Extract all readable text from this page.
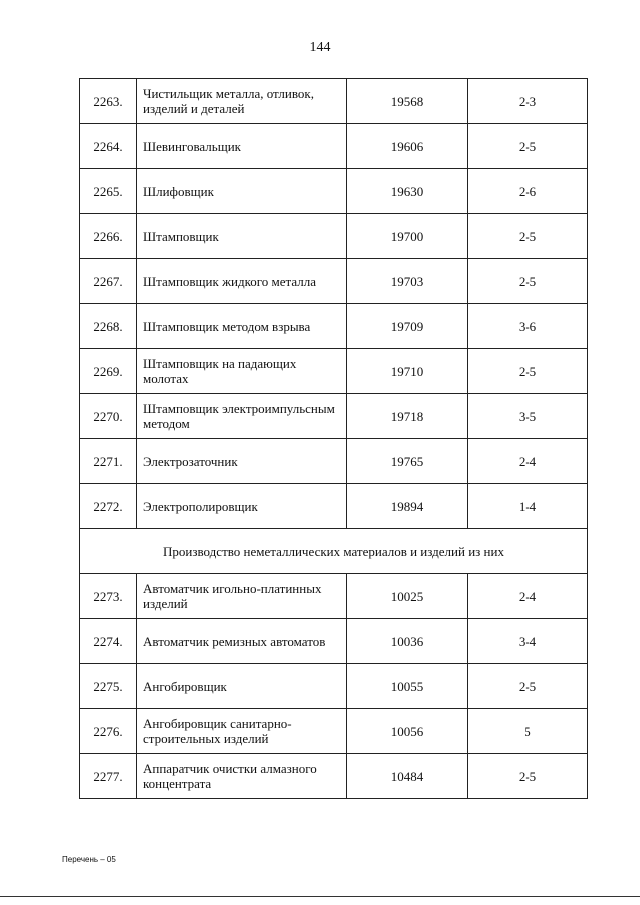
144
2263.	Чистильщик металла, отливок, изделий и деталей	19568	2-3
2264.	Шевинговальщик	19606	2-5
2265.	Шлифовщик	19630	2-6
2266.	Штамповщик	19700	2-5
2267.	Штамповщик жидкого металла	19703	2-5
2268.	Штамповщик методом взрыва	19709	3-6
2269.	Штамповщик на падающих молотах	19710	2-5
2270.	Штамповщик электроимпульсным методом	19718	3-5
2271.	Электрозаточник	19765	2-4
2272.	Электрополировщик	19894	1-4
Производство неметаллических материалов и изделий из них			
2273.	Автоматчик игольно-платинных изделий	10025	2-4
2274.	Автоматчик ремизных автоматов	10036	3-4
2275.	Ангобировщик	10055	2-5
2276.	Ангобировщик санитарно-строительных изделий	10056	5
2277.	Аппаратчик очистки алмазного концентрата	10484	2-5
Перечень – 05
